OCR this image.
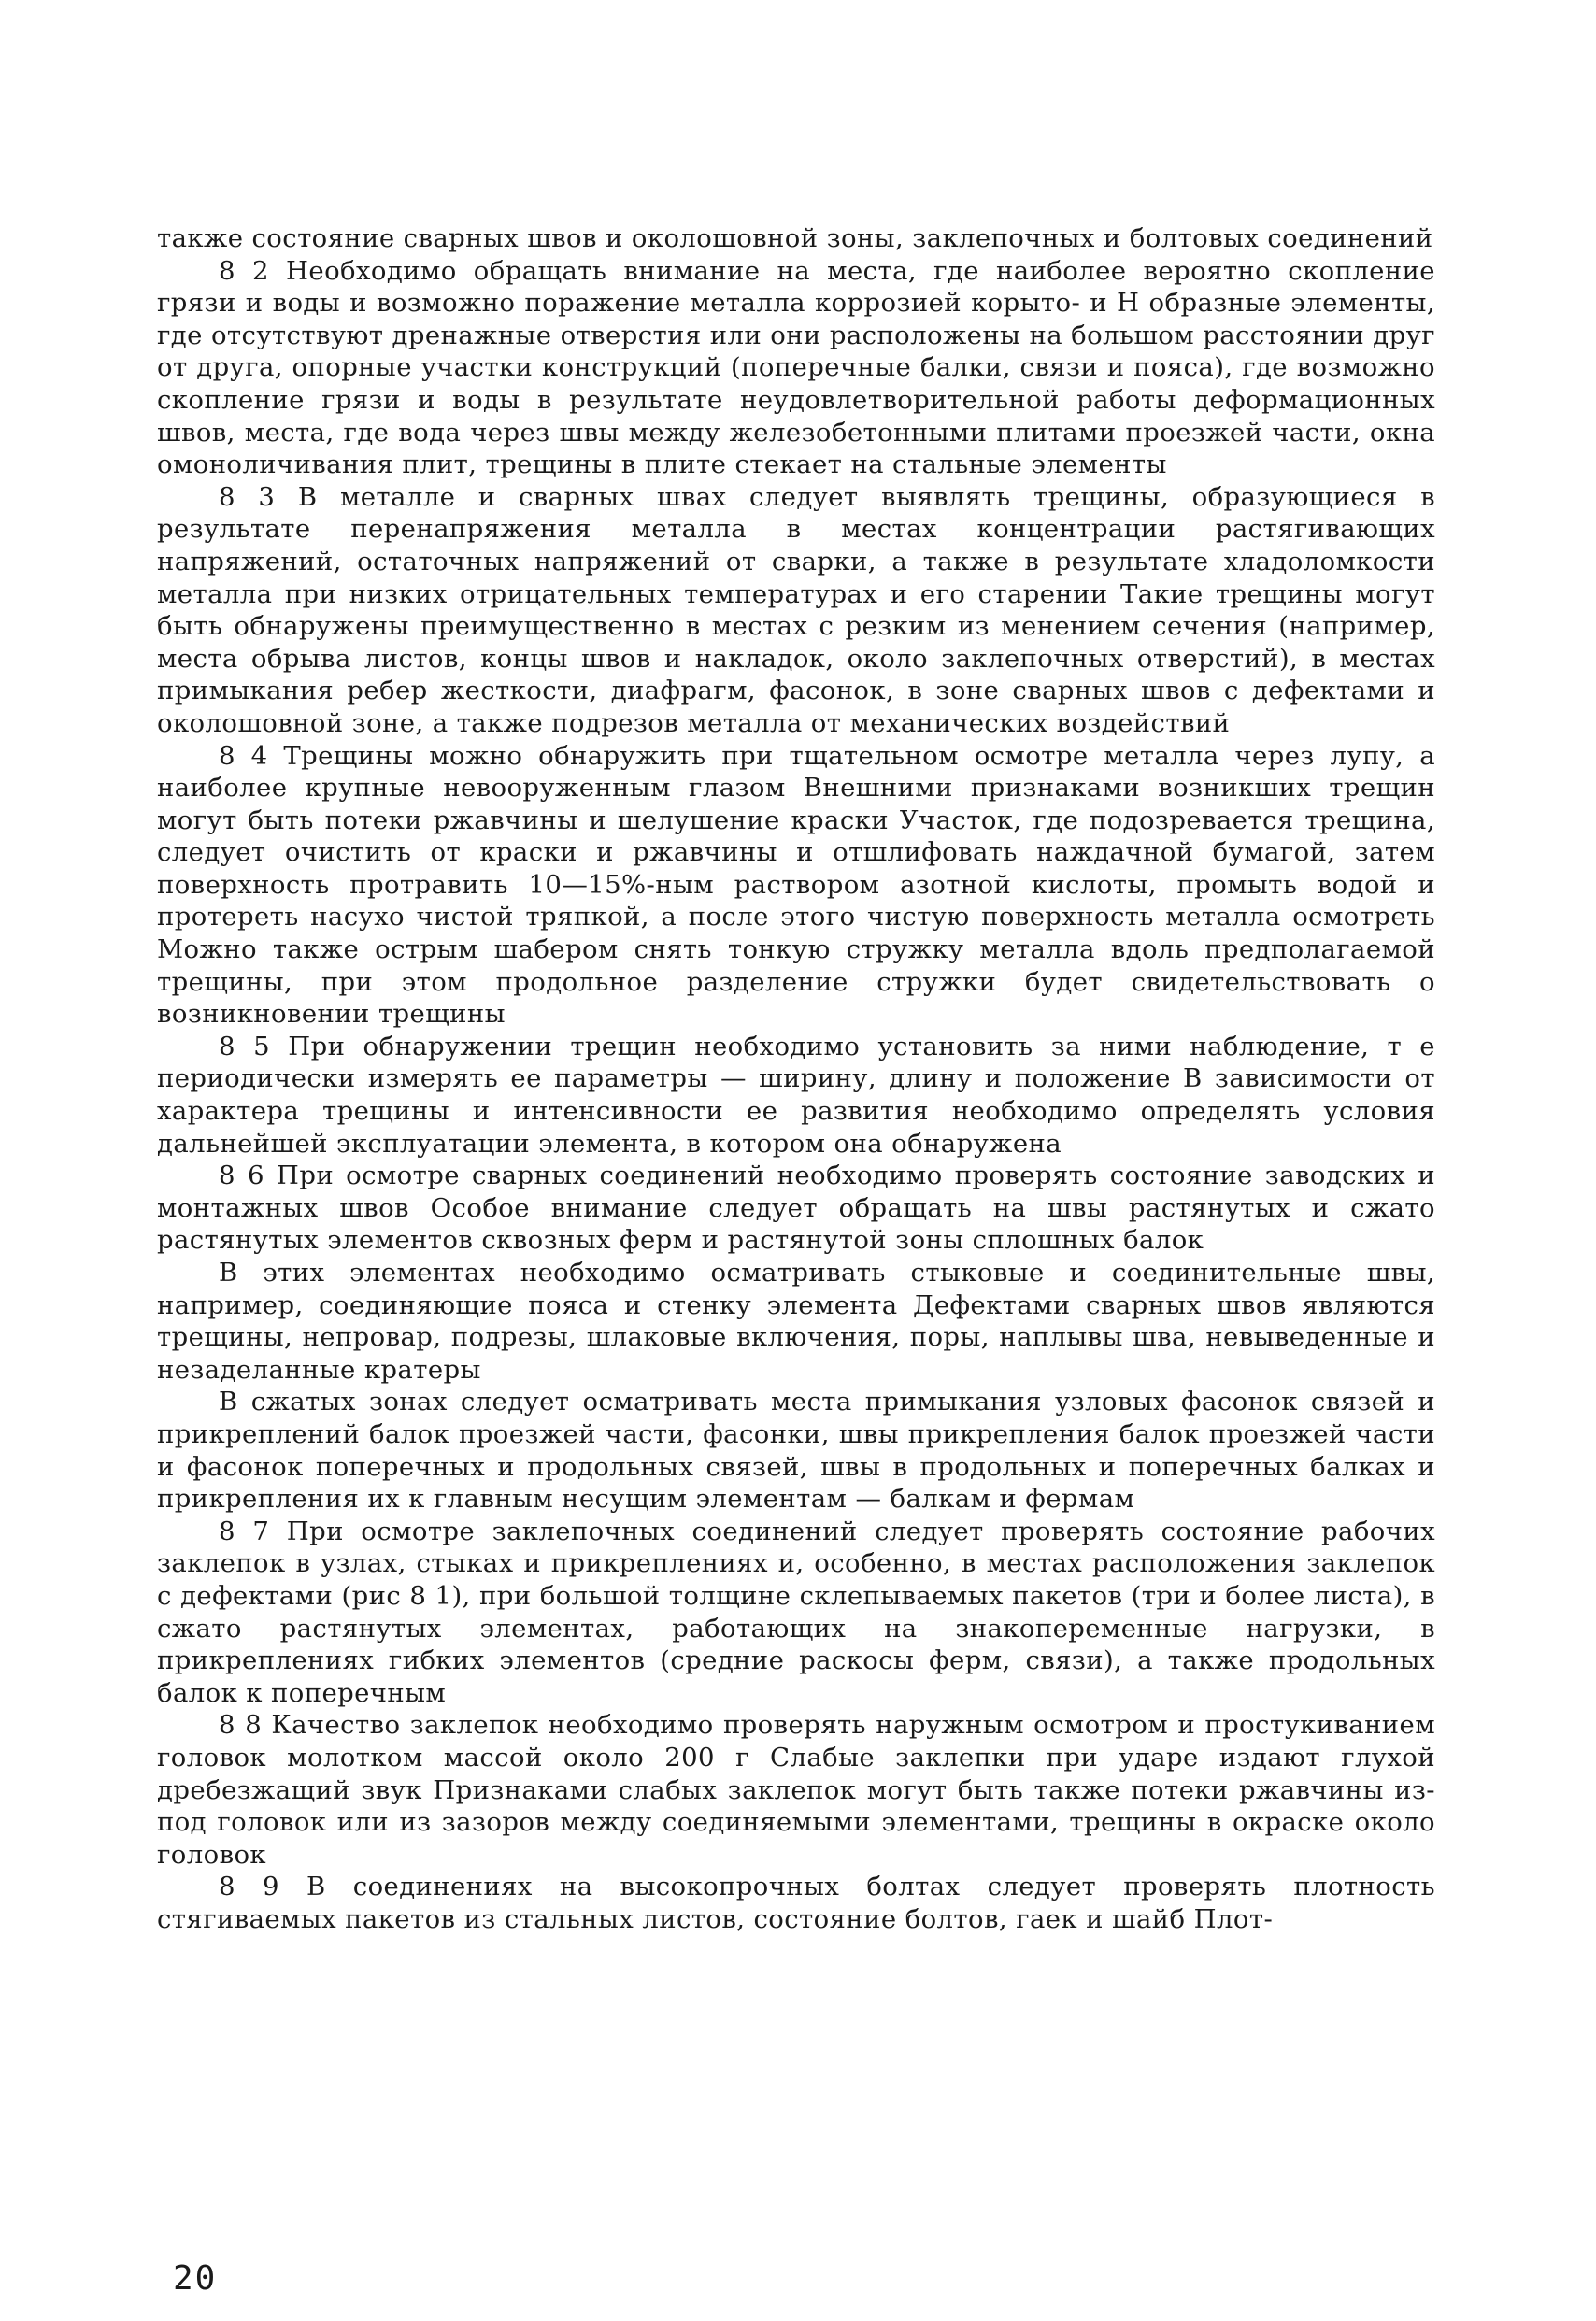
также состояние сварных швов и околошовной зоны, заклепочных и болтовых соединений

8 2 Необходимо обращать внимание на места, где наиболее вероятно скопление грязи и воды и возможно поражение металла коррозией корыто- и Н образные элементы, где отсутствуют дренажные отверстия или они расположены на большом расстоянии друг от друга, опорные участки конструкций (поперечные балки, связи и пояса), где возможно скопление грязи и воды в результате неудовлетворительной работы деформационных швов, места, где вода через швы между железобетонными плитами проезжей части, окна омоноличивания плит, трещины в плите стекает на стальные элементы

8 3 В металле и сварных швах следует выявлять трещины, образующиеся в результате перенапряжения металла в местах концентрации растягивающих напряжений, остаточных напряжений от сварки, а также в результате хладоломкости металла при низких отрицательных температурах и его старении Такие трещины могут быть обнаружены преимущественно в местах с резким из менением сечения (например, места обрыва листов, концы швов и накладок, около заклепочных отверстий), в местах примыкания ребер жесткости, диафрагм, фасонок, в зоне сварных швов с дефектами и околошовной зоне, а также подрезов металла от механических воздействий

8 4 Трещины можно обнаружить при тщательном осмотре металла через лупу, а наиболее крупные невооруженным глазом Внешними признаками возникших трещин могут быть потеки ржавчины и шелушение краски Участок, где подозревается трещина, следует очистить от краски и ржавчины и отшлифовать наждачной бумагой, затем поверхность протравить 10—15%-ным раствором азотной кислоты, промыть водой и протереть насухо чистой тряпкой, а после этого чистую поверхность металла осмотреть Можно также острым шабером снять тонкую стружку металла вдоль предполагаемой трещины, при этом продольное разделение стружки будет свидетельствовать о возникновении трещины

8 5 При обнаружении трещин необходимо установить за ними наблюдение, т е периодически измерять ее параметры — ширину, длину и положение В зависимости от характера трещины и интенсивности ее развития необходимо определять условия дальнейшей эксплуатации элемента, в котором она обнаружена

8 6 При осмотре сварных соединений необходимо проверять состояние заводских и монтажных швов Особое внимание следует обращать на швы растянутых и сжато растянутых элементов сквозных ферм и растянутой зоны сплошных балок

В этих элементах необходимо осматривать стыковые и соединительные швы, например, соединяющие пояса и стенку элемента Дефектами сварных швов являются трещины, непровар, подрезы, шлаковые включения, поры, наплывы шва, невыведенные и незаделанные кратеры

В сжатых зонах следует осматривать места примыкания узловых фасонок связей и прикреплений балок проезжей части, фасонки, швы прикрепления балок проезжей части и фасонок поперечных и продольных связей, швы в продольных и поперечных балках и прикрепления их к главным несущим элементам — балкам и фермам

8 7 При осмотре заклепочных соединений следует проверять состояние рабочих заклепок в узлах, стыках и прикреплениях и, особенно, в местах расположения заклепок с дефектами (рис 8 1), при большой толщине склепываемых пакетов (три и более листа), в сжато растянутых элементах, работающих на знакопеременные нагрузки, в прикреплениях гибких элементов (средние раскосы ферм, связи), а также продольных балок к поперечным

8 8 Качество заклепок необходимо проверять наружным осмотром и простукиванием головок молотком массой около 200 г Слабые заклепки при ударе издают глухой дребезжащий звук Признаками слабых заклепок могут быть также потеки ржавчины из-под головок или из зазоров между соединяемыми элементами, трещины в окраске около головок

8 9 В соединениях на высокопрочных болтах следует проверять плотность стягиваемых пакетов из стальных листов, состояние болтов, гаек и шайб Плот-

20
